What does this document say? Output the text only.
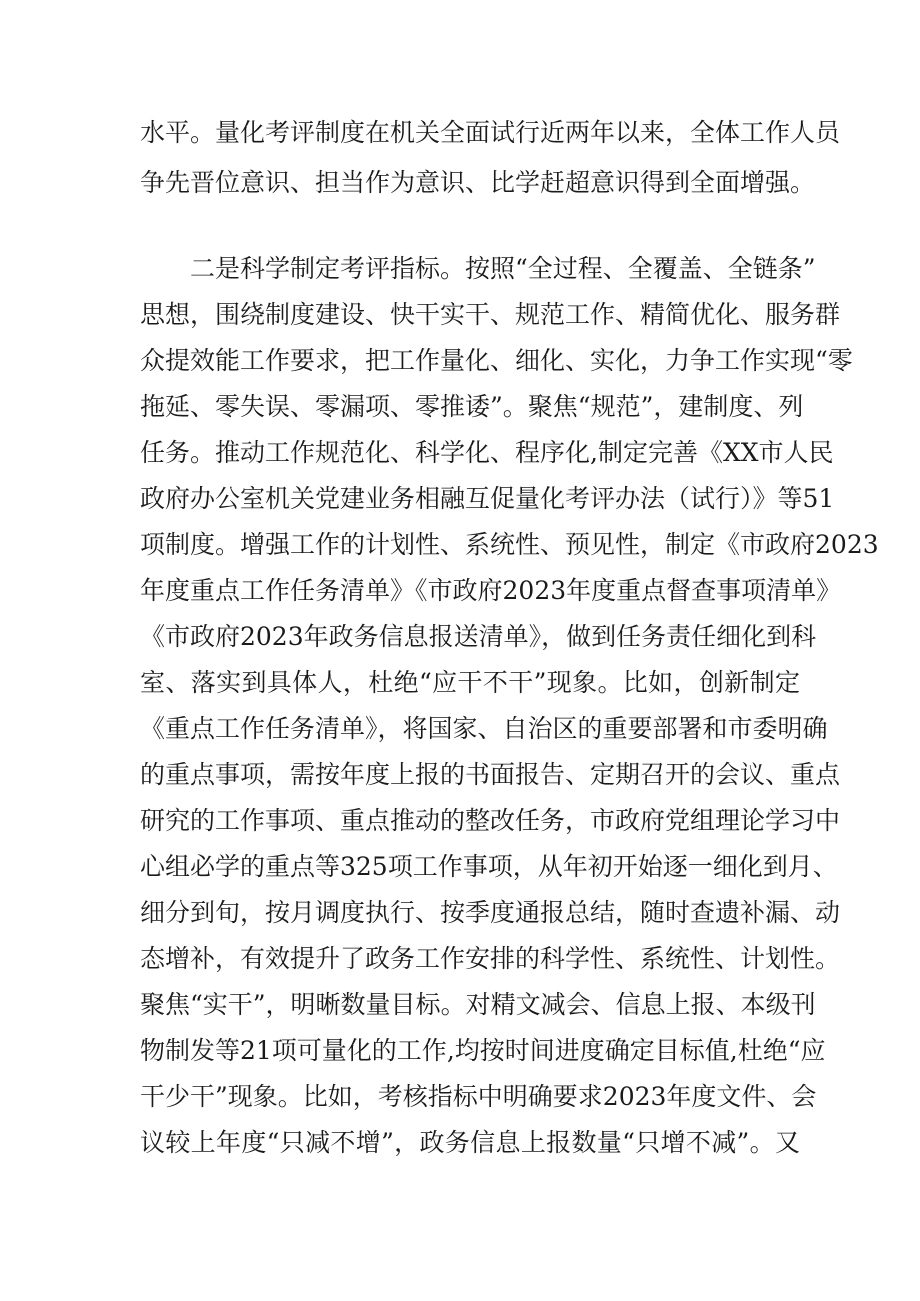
水平。量化考评制度在机关全面试行近两年以来，全体工作人员
争先晋位意识、担当作为意识、比学赶超意识得到全面增强。
二是科学制定考评指标。按照“全过程、全覆盖、全链条”
思想，围绕制度建设、快干实干、规范工作、精简优化、服务群
众提效能工作要求，把工作量化、细化、实化，力争工作实现“零
拖延、零失误、零漏项、零推诿”。聚焦“规范”，建制度、列
任务。推动工作规范化、科学化、程序化,制定完善《XX市人民
政府办公室机关党建业务相融互促量化考评办法（试行）》等51
项制度。增强工作的计划性、系统性、预见性，制定《市政府2023
年度重点工作任务清单》《市政府2023年度重点督查事项清单》
《市政府2023年政务信息报送清单》，做到任务责任细化到科
室、落实到具体人，杜绝“应干不干”现象。比如，创新制定
《重点工作任务清单》，将国家、自治区的重要部署和市委明确
的重点事项，需按年度上报的书面报告、定期召开的会议、重点
研究的工作事项、重点推动的整改任务，市政府党组理论学习中
心组必学的重点等325项工作事项，从年初开始逐一细化到月、
细分到旬，按月调度执行、按季度通报总结，随时查遗补漏、动
态增补，有效提升了政务工作安排的科学性、系统性、计划性。
聚焦“实干”，明晰数量目标。对精文减会、信息上报、本级刊
物制发等21项可量化的工作,均按时间进度确定目标值,杜绝“应
干少干”现象。比如，考核指标中明确要求2023年度文件、会
议较上年度“只减不增”，政务信息上报数量“只增不减”。又
